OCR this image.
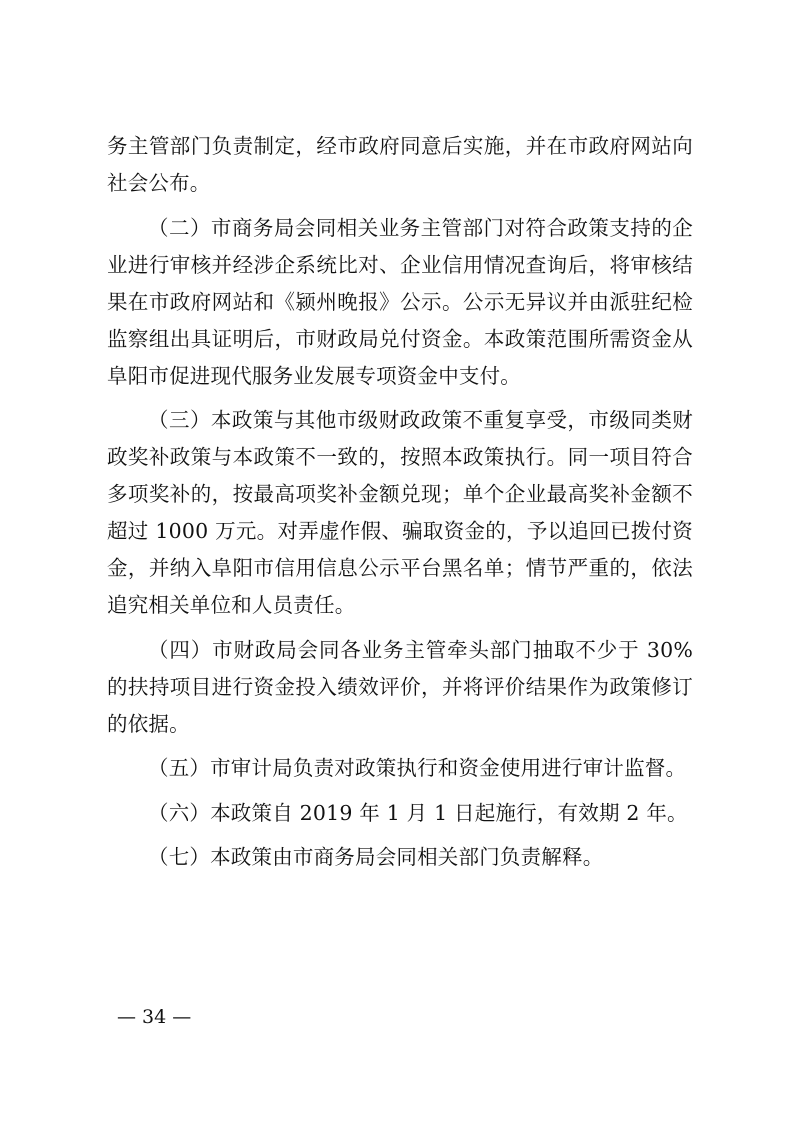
务主管部门负责制定，经市政府同意后实施，并在市政府网站向社会公布。

（二）市商务局会同相关业务主管部门对符合政策支持的企业进行审核并经涉企系统比对、企业信用情况查询后，将审核结果在市政府网站和《颍州晚报》公示。公示无异议并由派驻纪检监察组出具证明后，市财政局兑付资金。本政策范围所需资金从阜阳市促进现代服务业发展专项资金中支付。

（三）本政策与其他市级财政政策不重复享受，市级同类财政奖补政策与本政策不一致的，按照本政策执行。同一项目符合多项奖补的，按最高项奖补金额兑现；单个企业最高奖补金额不超过 1000 万元。对弄虚作假、骗取资金的，予以追回已拨付资金，并纳入阜阳市信用信息公示平台黑名单；情节严重的，依法追究相关单位和人员责任。

（四）市财政局会同各业务主管牵头部门抽取不少于 30%的扶持项目进行资金投入绩效评价，并将评价结果作为政策修订的依据。

（五）市审计局负责对政策执行和资金使用进行审计监督。

（六）本政策自 2019 年 1 月 1 日起施行，有效期 2 年。

（七）本政策由市商务局会同相关部门负责解释。

— 34 —
